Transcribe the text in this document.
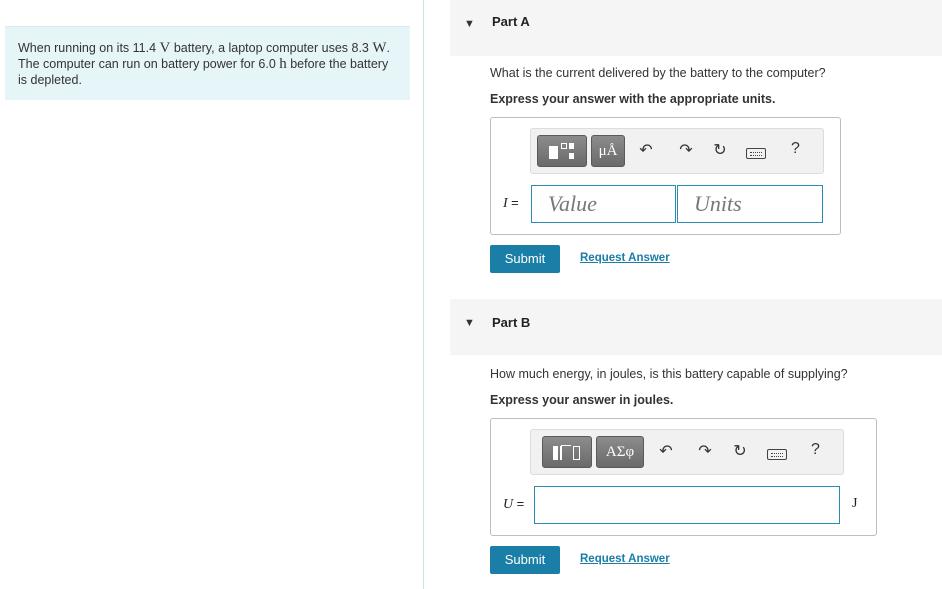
When running on its 11.4 V battery, a laptop computer uses 8.3 W. The computer can run on battery power for 6.0 h before the battery is depleted.

▼ Part A
What is the current delivered by the battery to the computer?
Express your answer with the appropriate units.
μÅ	↶ ↷ ↻	?
I =	Value	Units
Submit	Request Answer
▼ Part B
How much energy, in joules, is this battery capable of supplying?
Express your answer in joules.
ΑΣφ	↶ ↷ ↻	?
U =	J
Submit	Request Answer
